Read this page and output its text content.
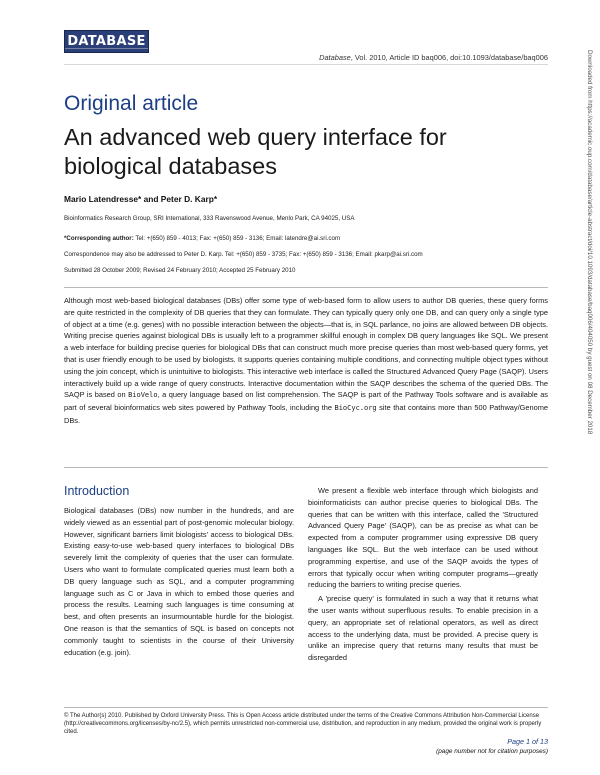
DATABASE
Database, Vol. 2010, Article ID baq006, doi:10.1093/database/baq006
Original article
An advanced web query interface for biological databases
Mario Latendresse* and Peter D. Karp*
Bioinformatics Research Group, SRI International, 333 Ravenswood Avenue, Menlo Park, CA 94025, USA
*Corresponding author: Tel: +(650) 859 - 4013; Fax: +(650) 859 - 3136; Email: latendre@ai.sri.com
Correspondence may also be addressed to Peter D. Karp. Tel: +(650) 859 - 3735; Fax: +(650) 859 - 3136; Email: pkarp@ai.sri.com
Submitted 28 October 2009; Revised 24 February 2010; Accepted 25 February 2010
Although most web-based biological databases (DBs) offer some type of web-based form to allow users to author DB queries, these query forms are quite restricted in the complexity of DB queries that they can formulate. They can typically query only one DB, and can query only a single type of object at a time (e.g. genes) with no possible interaction between the objects—that is, in SQL parlance, no joins are allowed between DB objects. Writing precise queries against biological DBs is usually left to a programmer skillful enough in complex DB query languages like SQL. We present a web interface for building precise queries for biological DBs that can construct much more precise queries than most web-based query forms, yet that is user friendly enough to be used by biologists. It supports queries containing multiple conditions, and connecting multiple object types without using the join concept, which is unintuitive to biologists. This interactive web interface is called the Structured Advanced Query Page (SAQP). Users interactively build up a wide range of query constructs. Interactive documentation within the SAQP describes the schema of the queried DBs. The SAQP is based on BioVelo, a query language based on list comprehension. The SAQP is part of the Pathway Tools software and is available as part of several bioinformatics web sites powered by Pathway Tools, including the BioCyc.org site that contains more than 500 Pathway/Genome DBs.
Introduction

Biological databases (DBs) now number in the hundreds, and are widely viewed as an essential part of post-genomic molecular biology. However, significant barriers limit biologists' access to biological DBs. Existing easy-to-use web-based query interfaces to biological DBs severely limit the complexity of queries that the user can formulate. Users who want to formulate complicated queries must learn both a DB query language such as SQL, and a computer programming language such as C or Java in which to embed those queries and process the results. Learning such languages is time consuming at best, and often presents an insurmountable hurdle for the biologist. One reason is that the semantics of SQL is based on concepts not commonly taught to scientists in the course of their University education (e.g. join).

We present a flexible web interface through which biologists and bioinformaticists can author precise queries to biological DBs. The queries that can be written with this interface, called the 'Structured Advanced Query Page' (SAQP), can be as precise as what can be expected from a computer programmer using expressive DB query languages like SQL. But the web interface can be used without programming expertise, and use of the SAQP avoids the types of errors that typically occur when writing computer programs—greatly reducing the barriers to writing precise queries.

A 'precise query' is formulated in such a way that it returns what the user wants without superfluous results. To enable precision in a query, an appropriate set of relational operators, as well as direct access to the underlying data, must be provided. A precise query is unlike an imprecise query that returns many results that must be disregarded

Downloaded from https://academic.oup.com/database/article-abstract/doi/10.1093/database/baq006/404050 by guest on 08 December 2018
© The Author(s) 2010. Published by Oxford University Press. This is Open Access article distributed under the terms of the Creative Commons Attribution Non-Commercial License (http://creativecommons.org/licenses/by-nc/2.5), which permits unrestricted non-commercial use, distribution, and reproduction in any medium, provided the original work is properly cited.
Page 1 of 13
(page number not for citation purposes)
